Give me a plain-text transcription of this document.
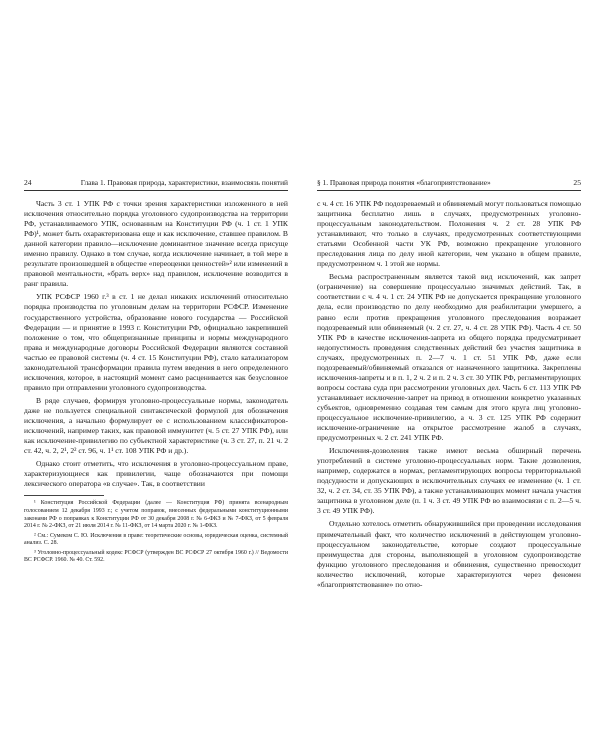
24	Глава 1. Правовая природа, характеристики, взаимосвязь понятий

Часть 3 ст. 1 УПК РФ с точки зрения характеристики изложенного в ней исключения относительно порядка уголовного судопроизводства на территории РФ, устанавливаемого УПК, основанным на Конституции РФ (ч. 1 ст. 1 УПК РФ)¹, может быть охарактеризована еще и как исключение, ставшее правилом. В данной категории правило—исключение доминантное значение всегда присуще именно правилу. Однако в том случае, когда исключение начинает, в той мере в результате произошедшей в обществе «переоценки ценностей»² или изменений в правовой ментальности, «брать верх» над правилом, исключение возводится в ранг правила.

УПК РСФСР 1960 г.³ в ст. 1 не делал никаких исключений относительно порядка производства по уголовным делам на территории РСФСР. Изменение государственного устройства, образование нового государства — Российской Федерации — и принятие в 1993 г. Конституции РФ, официально закрепившей положение о том, что общепризнанные принципы и нормы международного права и международные договоры Российской Федерации являются составной частью ее правовой системы (ч. 4 ст. 15 Конституции РФ), стало катализатором законодательной трансформации правила путем введения в него определенного исключения, которое, в настоящий момент само расценивается как безусловное правило при отправлении уголовного судопроизводства.

В ряде случаев, формируя уголовно-процессуальные нормы, законодатель даже не пользуется специальной синтаксической формулой для обозначения исключения, а начально формулирует ее с использованием классификаторов-исключений, например таких, как правовой иммунитет (ч. 5 ст. 27 УПК РФ), или как исключение-привилегию по субъектной характеристике (ч. 3 ст. 27, п. 21 ч. 2 ст. 42, ч. 2, 2¹, 2² ст. 96, ч. 1¹ ст. 108 УПК РФ и др.).

Однако стоит отметить, что исключения в уголовно-процессуальном праве, характеризующиеся как привилегии, чаще обозначаются при помощи лексического оператора «в случае». Так, в соответствии

¹ Конституция Российской Федерации (далее — Конституция РФ) принята всенародным голосованием 12 декабря 1993 г.; с учетом поправок, внесенных федеральными конституционными законами РФ о поправках к Конституции РФ от 30 декабря 2008 г. № 6-ФКЗ и № 7-ФКЗ, от 5 февраля 2014 г. № 2-ФКЗ, от 21 июля 2014 г. № 11-ФКЗ, от 14 марта 2020 г. № 1-ФКЗ.

² См.: Сумеком С. Ю. Исключения в праве: теоретические основы, юридическая оценка, системный анализ. С. 28.

³ Уголовно-процессуальный кодекс РСФСР (утвержден ВС РСФСР 27 октября 1960 г.) // Ведомости ВС РСФСР. 1960. № 40. Ст. 592.

§ 1. Правовая природа понятия «благоприятствование»	25

с ч. 4 ст. 16 УПК РФ подозреваемый и обвиняемый могут пользоваться помощью защитника бесплатно лишь в случаях, предусмотренных уголовно-процессуальным законодательством. Положения ч. 2 ст. 28 УПК РФ устанавливают, что только в случаях, предусмотренных соответствующими статьями Особенной части УК РФ, возможно прекращение уголовного преследования лица по делу иной категории, чем указано в общем правиле, предусмотренном ч. 1 этой же нормы.

Весьма распространенным является такой вид исключений, как запрет (ограничение) на совершение процессуально значимых действий. Так, в соответствии с ч. 4 ч. 1 ст. 24 УПК РФ не допускается прекращение уголовного дела, если производство по делу необходимо для реабилитации умершего, а равно если против прекращения уголовного преследования возражает подозреваемый или обвиняемый (ч. 2 ст. 27, ч. 4 ст. 28 УПК РФ). Часть 4 ст. 50 УПК РФ в качестве исключения-запрета из общего порядка предусматривает недопустимость проведения следственных действий без участия защитника в случаях, предусмотренных п. 2—7 ч. 1 ст. 51 УПК РФ, даже если подозреваемый/обвиняемый отказался от назначенного защитника. Закреплены исключения-запреты и в п. 1, 2 ч. 2 и п. 2 ч. 3 ст. 30 УПК РФ, регламентирующих вопросы состава суда при рассмотрении уголовных дел. Часть 6 ст. 113 УПК РФ устанавливает исключение-запрет на привод в отношении конкретно указанных субъектов, одновременно создавая тем самым для этого круга лиц уголовно-процессуальное исключение-привилегию, а ч. 3 ст. 125 УПК РФ содержит исключение-ограничение на открытое рассмотрение жалоб в случаях, предусмотренных ч. 2 ст. 241 УПК РФ.

Исключения-дозволения также имеют весьма обширный перечень употреблений в системе уголовно-процессуальных норм. Такие дозволения, например, содержатся в нормах, регламентирующих вопросы территориальной подсудности и допускающих в исключительных случаях ее изменение (ч. 1 ст. 32, ч. 2 ст. 34, ст. 35 УПК РФ), а также устанавливающих момент начала участия защитника в уголовном деле (п. 1 ч. 3 ст. 49 УПК РФ во взаимосвязи с п. 2—5 ч. 3 ст. 49 УПК РФ).

Отдельно хотелось отметить обнаружившийся при проведении исследования примечательный факт, что количество исключений в действующем уголовно-процессуальном законодательстве, которые создают процессуальные преимущества для стороны, выполняющей в уголовном судопроизводстве функцию уголовного преследования и обвинения, существенно превосходит количество исключений, которые характеризуются через феномен «благоприятствование» по отно-
